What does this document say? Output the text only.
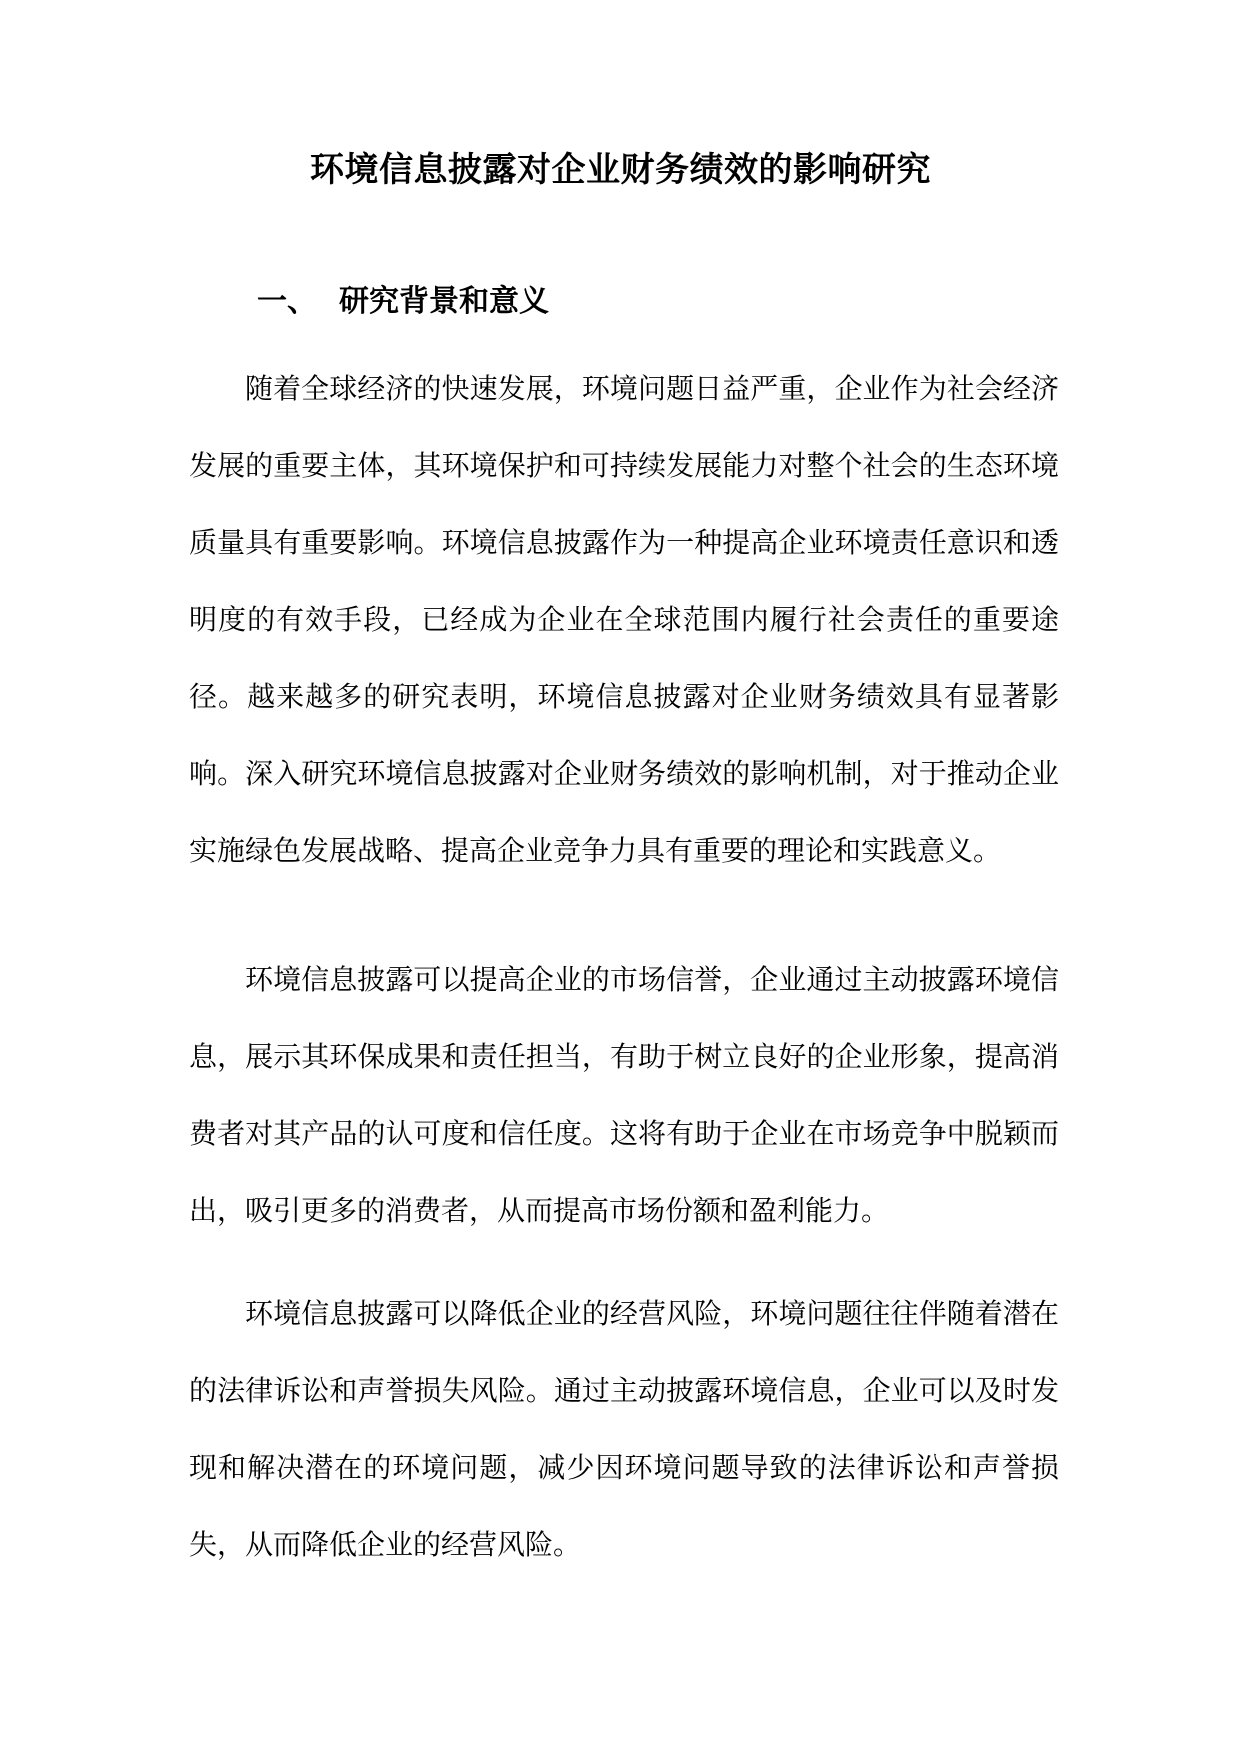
环境信息披露对企业财务绩效的影响研究
一、 研究背景和意义

随着全球经济的快速发展，环境问题日益严重，企业作为社会经济发展的重要主体，其环境保护和可持续发展能力对整个社会的生态环境质量具有重要影响。环境信息披露作为一种提高企业环境责任意识和透明度的有效手段，已经成为企业在全球范围内履行社会责任的重要途径。越来越多的研究表明，环境信息披露对企业财务绩效具有显著影响。深入研究环境信息披露对企业财务绩效的影响机制，对于推动企业实施绿色发展战略、提高企业竞争力具有重要的理论和实践意义。

环境信息披露可以提高企业的市场信誉，企业通过主动披露环境信息，展示其环保成果和责任担当，有助于树立良好的企业形象，提高消费者对其产品的认可度和信任度。这将有助于企业在市场竞争中脱颖而出，吸引更多的消费者，从而提高市场份额和盈利能力。

环境信息披露可以降低企业的经营风险，环境问题往往伴随着潜在的法律诉讼和声誉损失风险。通过主动披露环境信息，企业可以及时发现和解决潜在的环境问题，减少因环境问题导致的法律诉讼和声誉损失，从而降低企业的经营风险。
